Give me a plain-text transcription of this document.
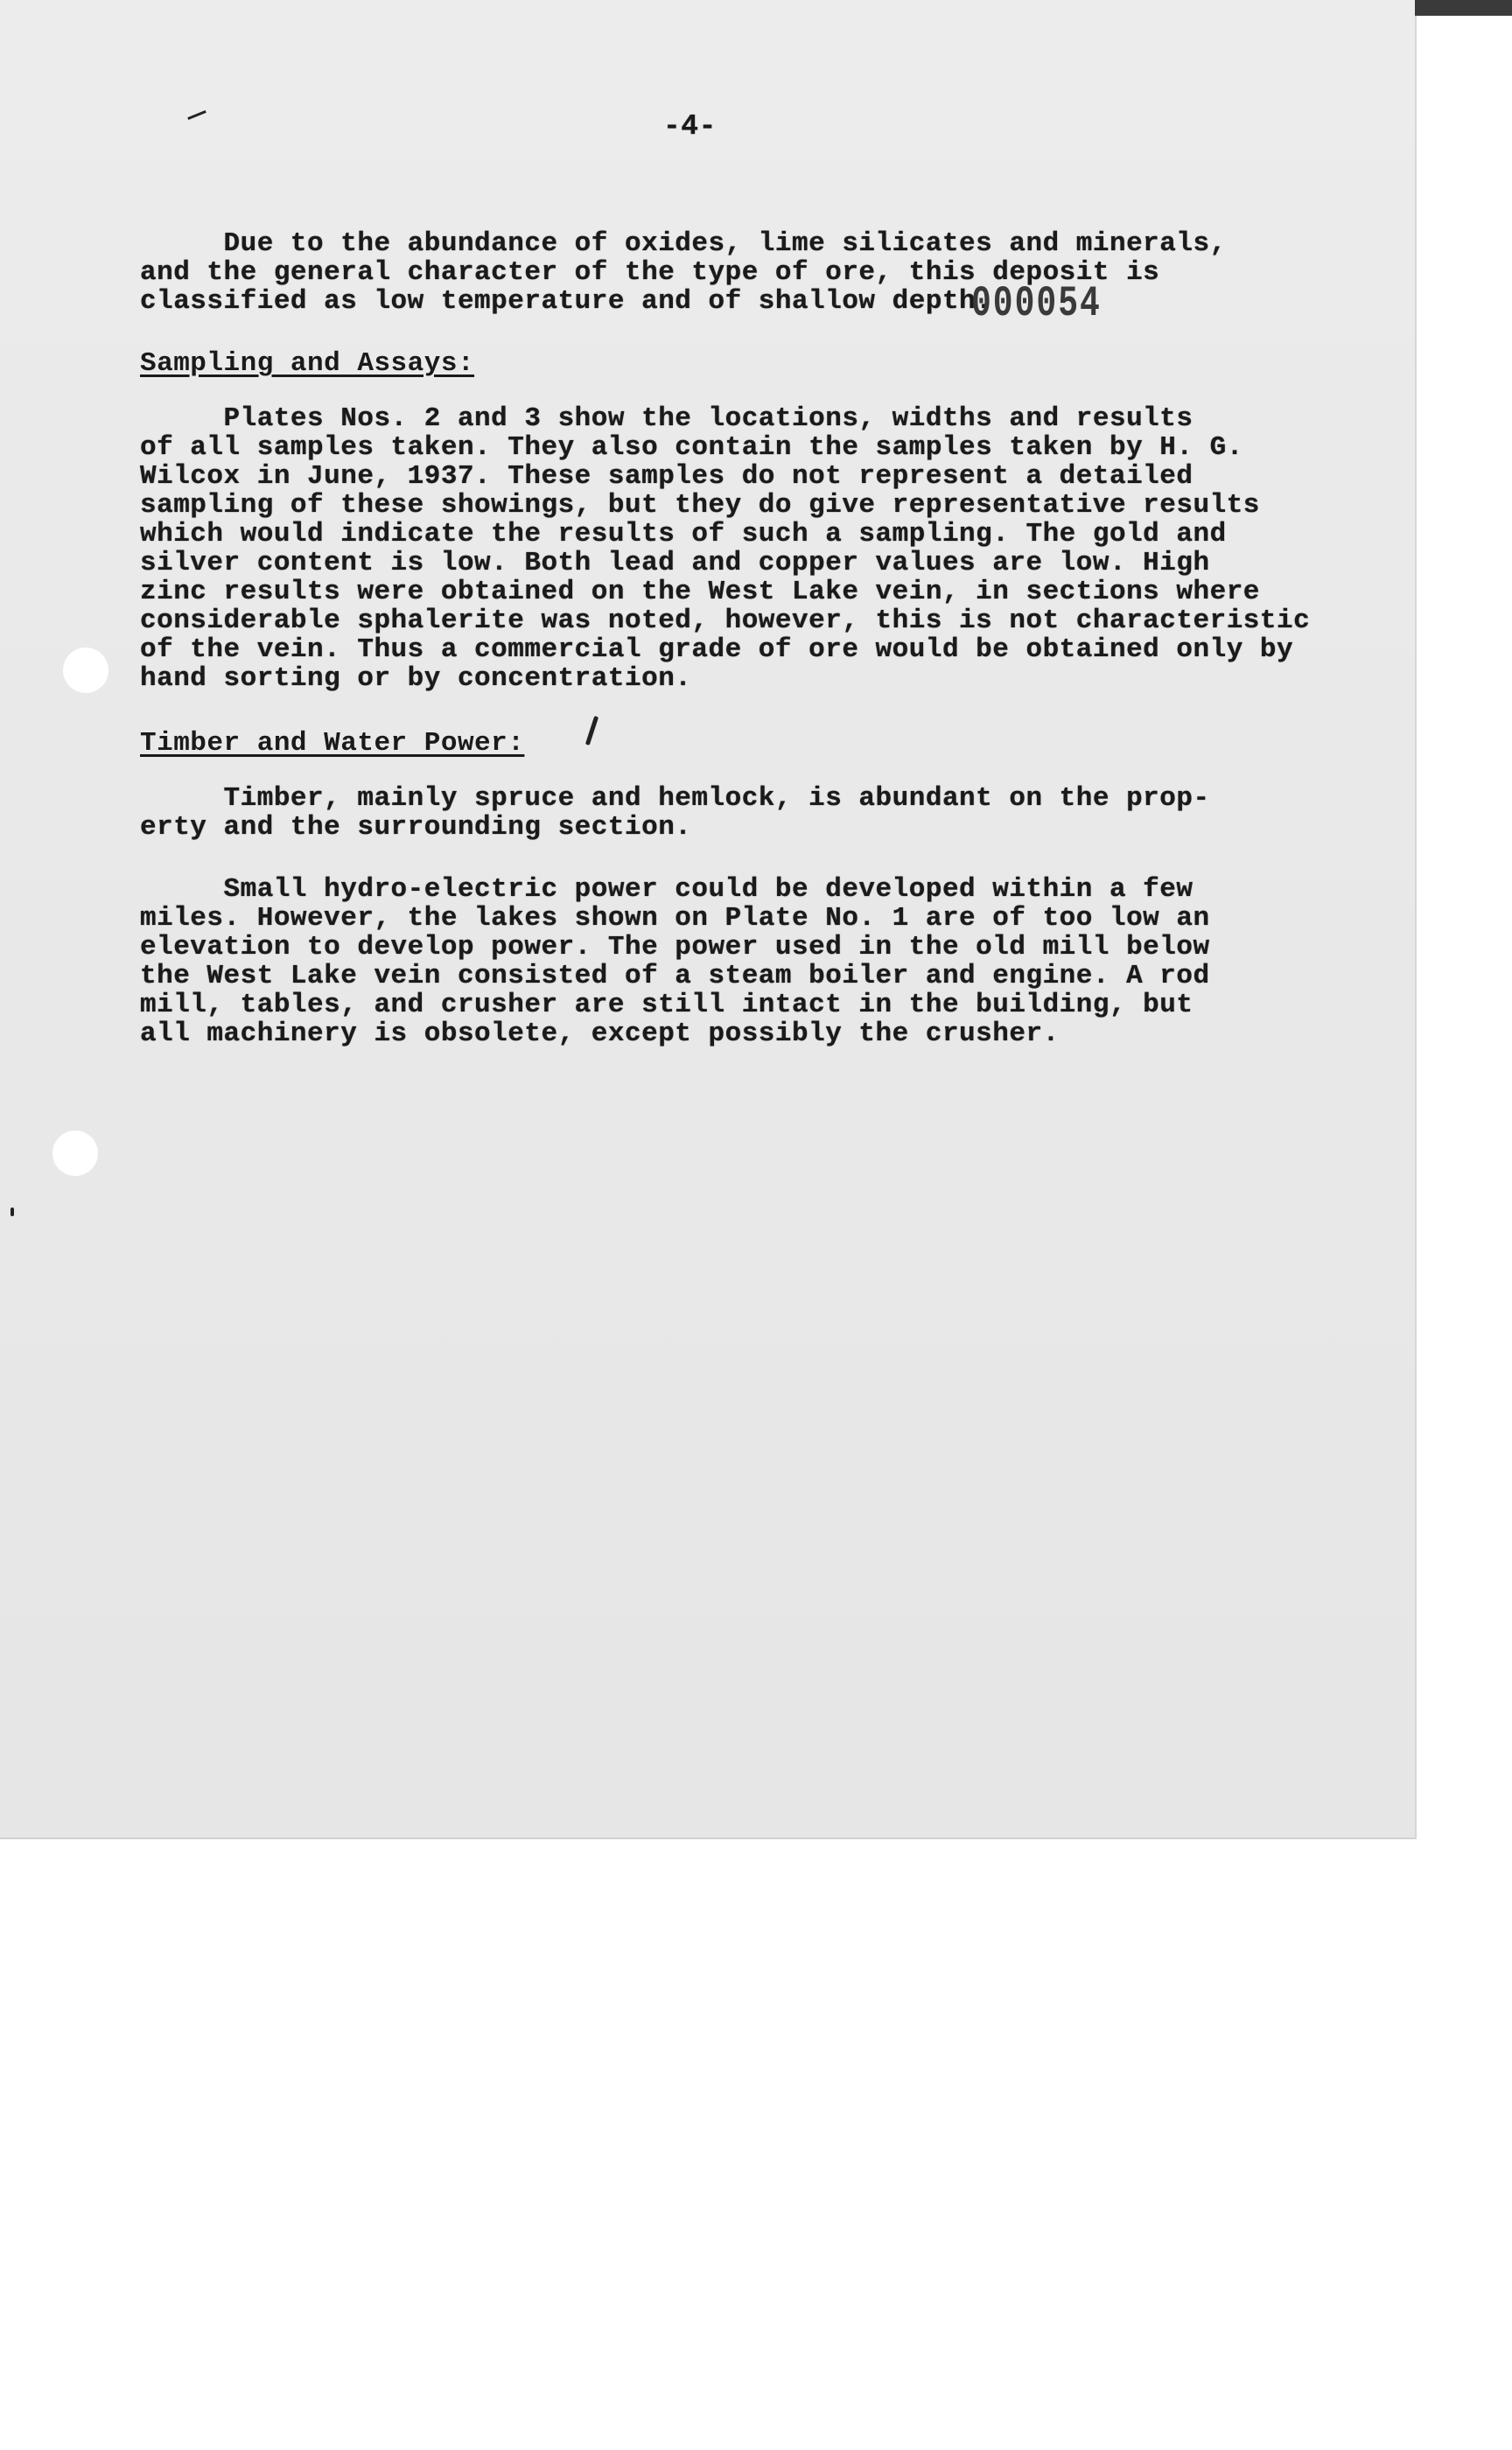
-4-
Due to the abundance of oxides, lime silicates and minerals,
and the general character of the type of ore, this deposit is
classified as low temperature and of shallow depth.
000054
Sampling and Assays:
Plates Nos. 2 and 3 show the locations, widths and results
of all samples taken. They also contain the samples taken by H. G.
Wilcox in June, 1937. These samples do not represent a detailed
sampling of these showings, but they do give representative results
which would indicate the results of such a sampling. The gold and
silver content is low. Both lead and copper values are low. High
zinc results were obtained on the West Lake vein, in sections where
considerable sphalerite was noted, however, this is not characteristic
of the vein. Thus a commercial grade of ore would be obtained only by
hand sorting or by concentration.
Timber and Water Power:
Timber, mainly spruce and hemlock, is abundant on the prop-
erty and the surrounding section.
Small hydro-electric power could be developed within a few
miles. However, the lakes shown on Plate No. 1 are of too low an
elevation to develop power. The power used in the old mill below
the West Lake vein consisted of a steam boiler and engine. A rod
mill, tables, and crusher are still intact in the building, but
all machinery is obsolete, except possibly the crusher.
